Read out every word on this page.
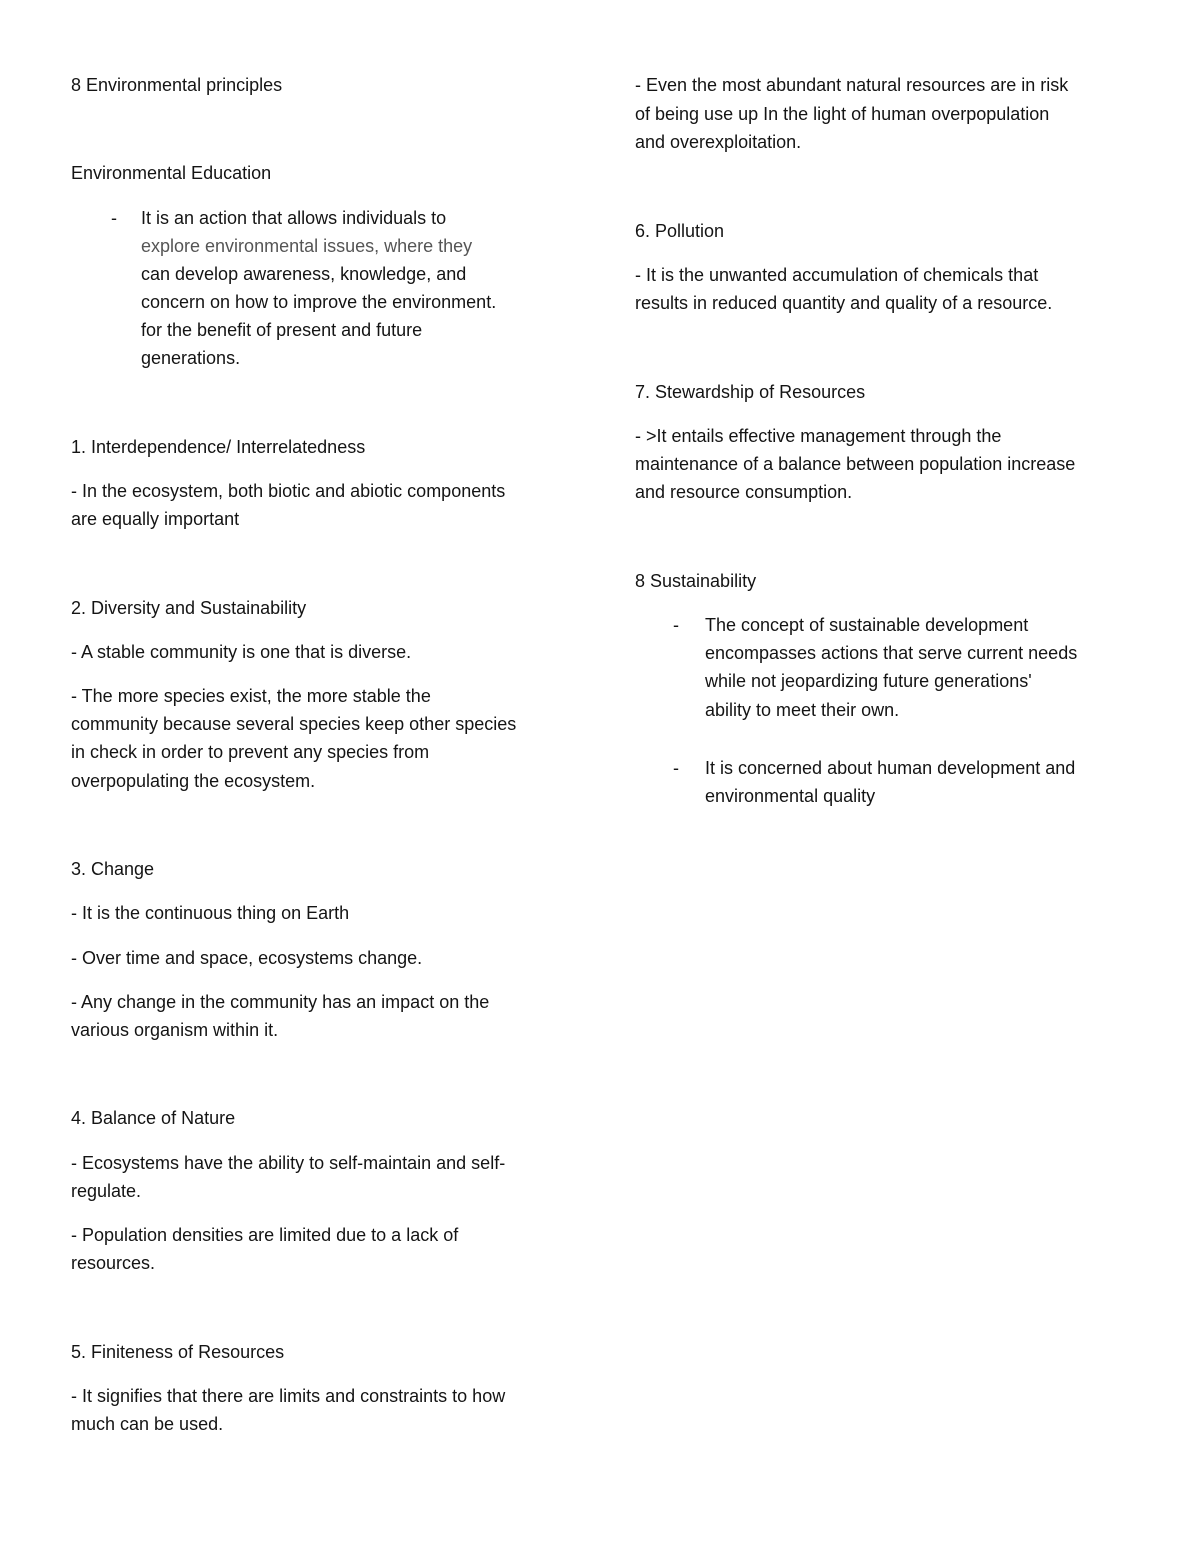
8 Environmental principles
Environmental Education
- It is an action that allows individuals to
explore environmental issues, where they
can develop awareness, knowledge, and
concern on how to improve the environment.
for the benefit of present and future
generations.
1. Interdependence/ Interrelatedness
- In the ecosystem, both biotic and abiotic components
are equally important
2. Diversity and Sustainability
- A stable community is one that is diverse.
- The more species exist, the more stable the
community because several species keep other species
in check in order to prevent any species from
overpopulating the ecosystem.
3. Change
- It is the continuous thing on Earth
- Over time and space, ecosystems change.
- Any change in the community has an impact on the
various organism within it.
4. Balance of Nature
- Ecosystems have the ability to self-maintain and self-
regulate.
- Population densities are limited due to a lack of
resources.
5. Finiteness of Resources
- It signifies that there are limits and constraints to how
much can be used.
- Even the most abundant natural resources are in risk
of being use up In the light of human overpopulation
and overexploitation.
6. Pollution
- It is the unwanted accumulation of chemicals that
results in reduced quantity and quality of a resource.
7. Stewardship of Resources
- >It entails effective management through the
maintenance of a balance between population increase
and resource consumption.
8 Sustainability
- The concept of sustainable development
encompasses actions that serve current needs
while not jeopardizing future generations'
ability to meet their own.
- It is concerned about human development and
environmental quality
